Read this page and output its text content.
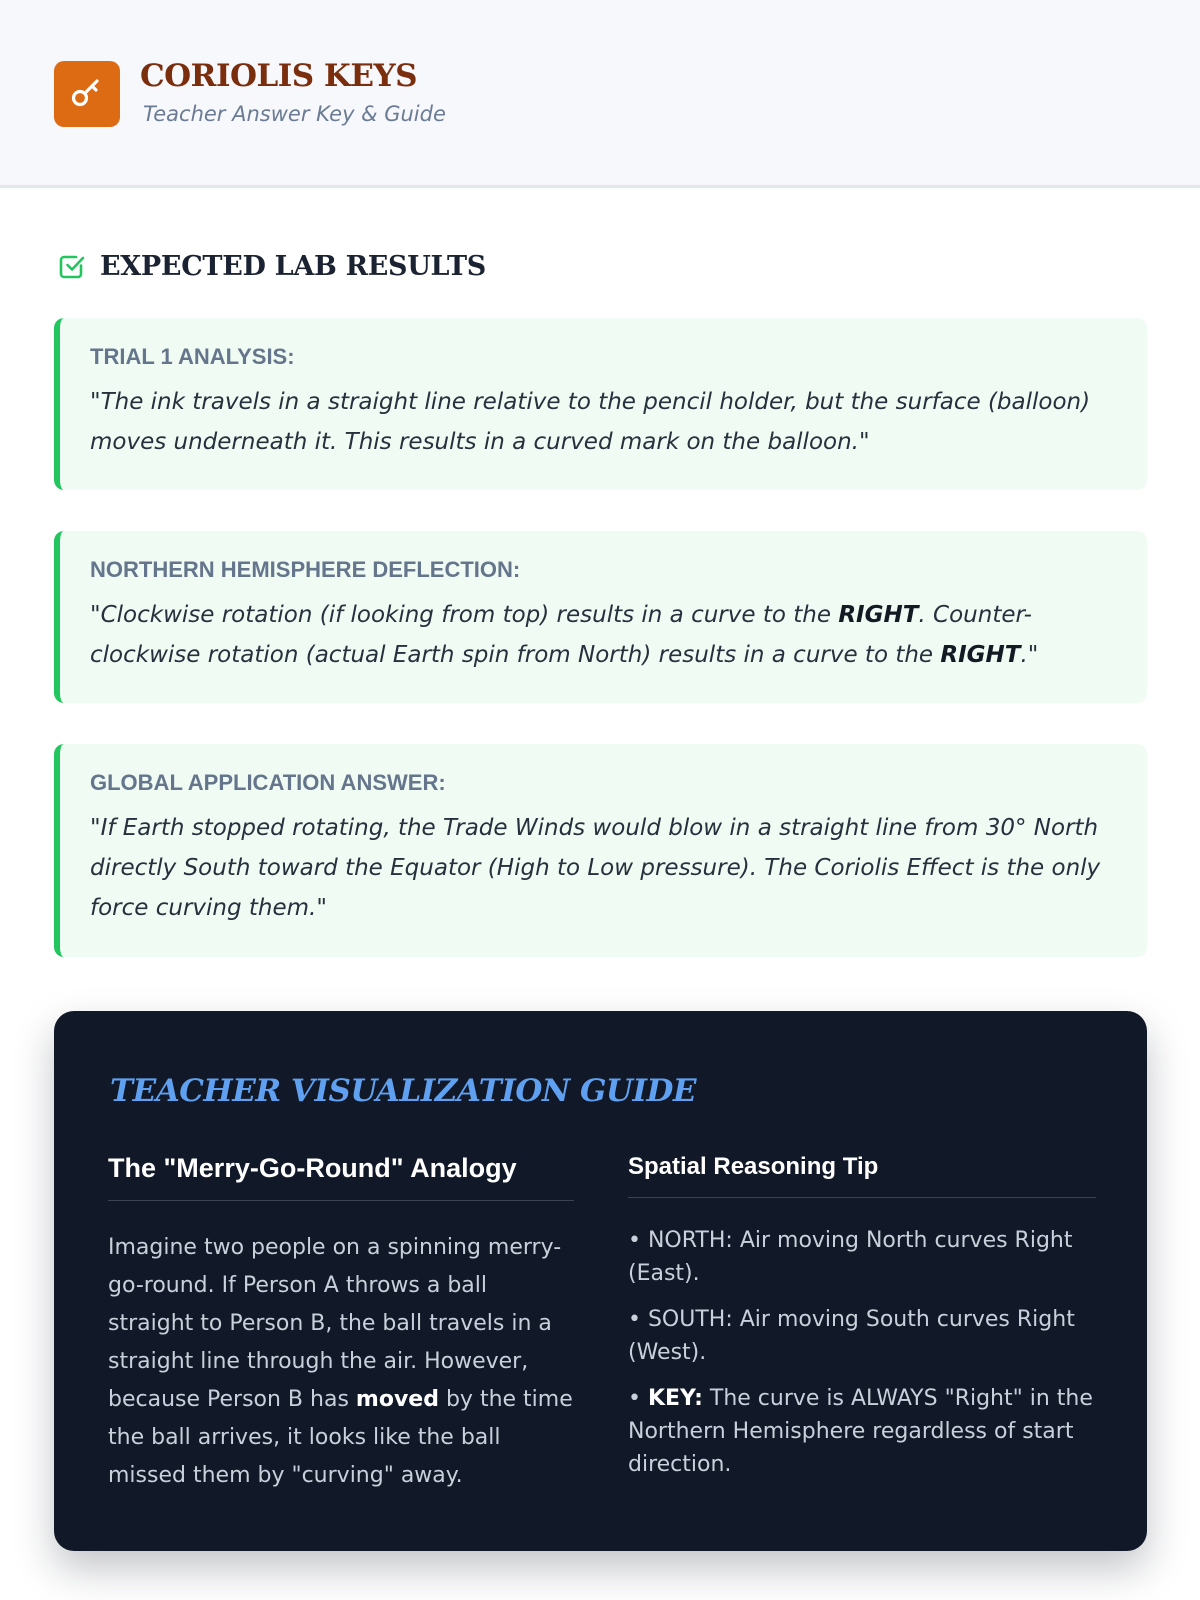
CORIOLIS KEYS
Teacher Answer Key & Guide
EXPECTED LAB RESULTS
TRIAL 1 ANALYSIS:
"The ink travels in a straight line relative to the pencil holder, but the surface (balloon) moves underneath it. This results in a curved mark on the balloon."
NORTHERN HEMISPHERE DEFLECTION:
"Clockwise rotation (if looking from top) results in a curve to the RIGHT. Counter-clockwise rotation (actual Earth spin from North) results in a curve to the RIGHT."
GLOBAL APPLICATION ANSWER:
"If Earth stopped rotating, the Trade Winds would blow in a straight line from 30° North directly South toward the Equator (High to Low pressure). The Coriolis Effect is the only force curving them."
TEACHER VISUALIZATION GUIDE
The "Merry-Go-Round" Analogy
Imagine two people on a spinning merry-go-round. If Person A throws a ball straight to Person B, the ball travels in a straight line through the air. However, because Person B has moved by the time the ball arrives, it looks like the ball missed them by "curving" away.
Spatial Reasoning Tip
• NORTH: Air moving North curves Right (East).
• SOUTH: Air moving South curves Right (West).
• KEY: The curve is ALWAYS "Right" in the Northern Hemisphere regardless of start direction.
